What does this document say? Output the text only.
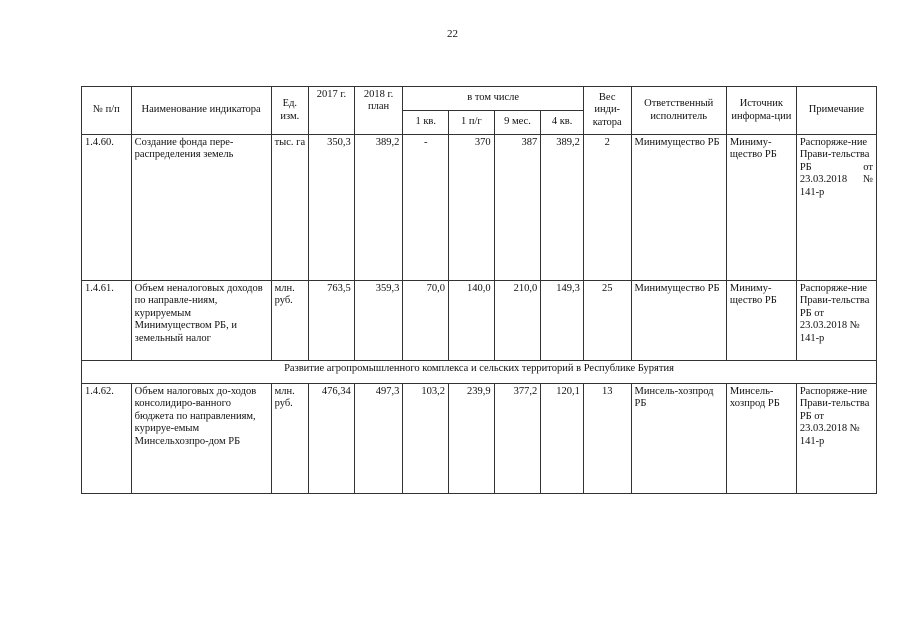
22
№ п/п	Наименование индикатора	Ед. изм.	2017 г.	2018 г. план	в том числе				Вес инди-катора	Ответственный исполнитель	Источник информа-ции	Примечание
					1 кв.	1 п/г	9 мес.	4 кв.				
1.4.60.	Создание фонда пере-распределения земель	тыс. га	350,3	389,2	-	370	387	389,2	2	Минимущество РБ	Миниму-щество РБ	Распоряже-ние Прави-тельства РБ от 23.03.2018 № 141-р
1.4.61.	Объем неналоговых доходов по направле-ниям, курируемым Минимуществом РБ, и земельный налог	млн. руб.	763,5	359,3	70,0	140,0	210,0	149,3	25	Минимущество РБ	Миниму-щество РБ	Распоряже-ние Прави-тельства РБ от 23.03.2018 № 141-р
Развитие агропромышленного комплекса и сельских территорий в Республике Бурятия												
1.4.62.	Объем налоговых до-ходов консолидиро-ванного бюджета по направлениям, курируе-емым Минсельхозпро-дом РБ	млн. руб.	476,34	497,3	103,2	239,9	377,2	120,1	13	Минсель-хозпрод РБ	Минсель-хозпрод РБ	Распоряже-ние Прави-тельства РБ от 23.03.2018 № 141-р
